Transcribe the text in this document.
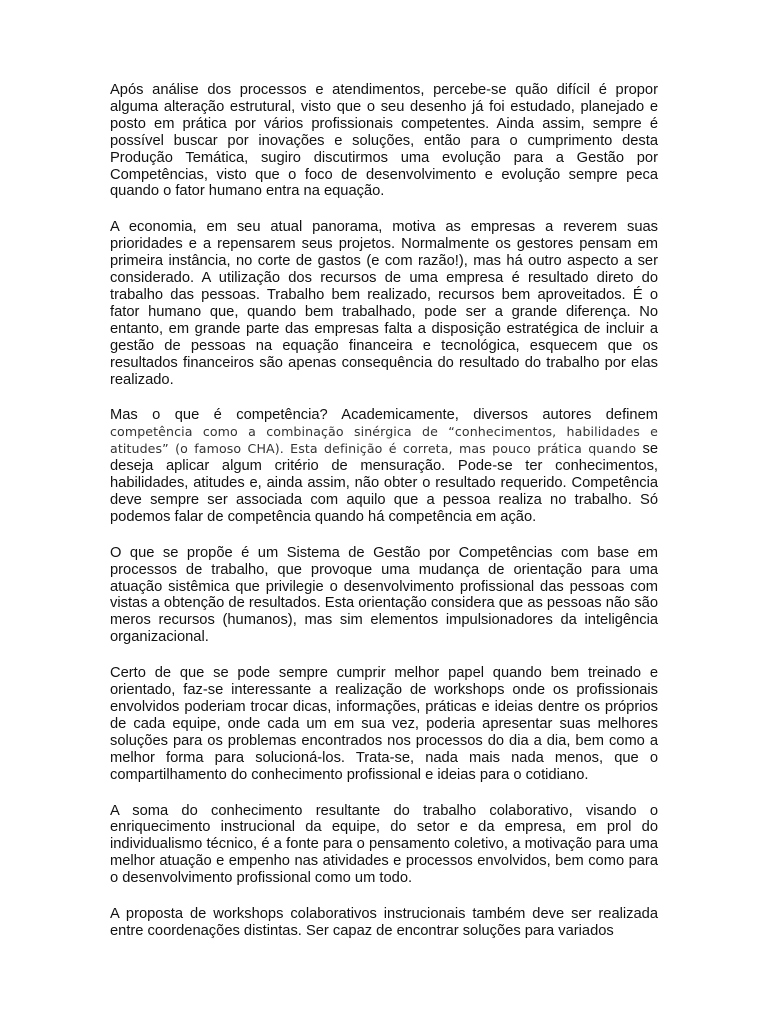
Após análise dos processos e atendimentos, percebe-se quão difícil é propor alguma alteração estrutural, visto que o seu desenho já foi estudado, planejado e posto em prática por vários profissionais competentes. Ainda assim, sempre é possível buscar por inovações e soluções, então para o cumprimento desta Produção Temática, sugiro discutirmos uma evolução para a Gestão por Competências, visto que o foco de desenvolvimento e evolução sempre peca quando o fator humano entra na equação.

A economia, em seu atual panorama, motiva as empresas a reverem suas prioridades e a repensarem seus projetos. Normalmente os gestores pensam em primeira instância, no corte de gastos (e com razão!), mas há outro aspecto a ser considerado. A utilização dos recursos de uma empresa é resultado direto do trabalho das pessoas. Trabalho bem realizado, recursos bem aproveitados. É o fator humano que, quando bem trabalhado, pode ser a grande diferença. No entanto, em grande parte das empresas falta a disposição estratégica de incluir a gestão de pessoas na equação financeira e tecnológica, esquecem que os resultados financeiros são apenas consequência do resultado do trabalho por elas realizado.

Mas o que é competência? Academicamente, diversos autores definem competência como a combinação sinérgica de “conhecimentos, habilidades e atitudes” (o famoso CHA). Esta definição é correta, mas pouco prática quando se deseja aplicar algum critério de mensuração. Pode-se ter conhecimentos, habilidades, atitudes e, ainda assim, não obter o resultado requerido. Competência deve sempre ser associada com aquilo que a pessoa realiza no trabalho. Só podemos falar de competência quando há competência em ação.

O que se propõe é um Sistema de Gestão por Competências com base em processos de trabalho, que provoque uma mudança de orientação para uma atuação sistêmica que privilegie o desenvolvimento profissional das pessoas com vistas a obtenção de resultados. Esta orientação considera que as pessoas não são meros recursos (humanos), mas sim elementos impulsionadores da inteligência organizacional.

Certo de que se pode sempre cumprir melhor papel quando bem treinado e orientado, faz-se interessante a realização de workshops onde os profissionais envolvidos poderiam trocar dicas, informações, práticas e ideias dentre os próprios de cada equipe, onde cada um em sua vez, poderia apresentar suas melhores soluções para os problemas encontrados nos processos do dia a dia, bem como a melhor forma para solucioná-los. Trata-se, nada mais nada menos, que o compartilhamento do conhecimento profissional e ideias para o cotidiano.

A soma do conhecimento resultante do trabalho colaborativo, visando o enriquecimento instrucional da equipe, do setor e da empresa, em prol do individualismo técnico, é a fonte para o pensamento coletivo, a motivação para uma melhor atuação e empenho nas atividades e processos envolvidos, bem como para o desenvolvimento profissional como um todo.

A proposta de workshops colaborativos instrucionais também deve ser realizada entre coordenações distintas. Ser capaz de encontrar soluções para variados
